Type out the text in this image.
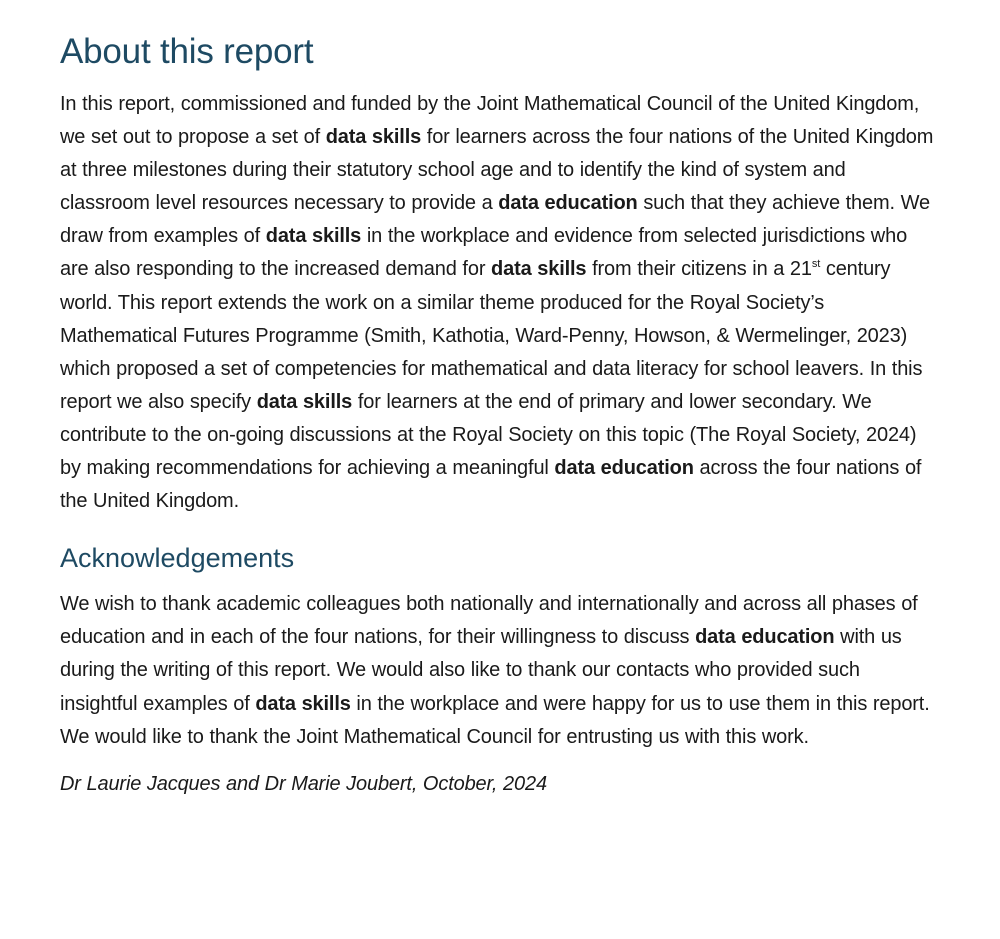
About this report

In this report, commissioned and funded by the Joint Mathematical Council of the United Kingdom, we set out to propose a set of data skills for learners across the four nations of the United Kingdom at three milestones during their statutory school age and to identify the kind of system and classroom level resources necessary to provide a data education such that they achieve them. We draw from examples of data skills in the workplace and evidence from selected jurisdictions who are also responding to the increased demand for data skills from their citizens in a 21st century world. This report extends the work on a similar theme produced for the Royal Society’s Mathematical Futures Programme (Smith, Kathotia, Ward-Penny, Howson, & Wermelinger, 2023) which proposed a set of competencies for mathematical and data literacy for school leavers. In this report we also specify data skills for learners at the end of primary and lower secondary. We contribute to the on-going discussions at the Royal Society on this topic (The Royal Society, 2024) by making recommendations for achieving a meaningful data education across the four nations of the United Kingdom.

Acknowledgements

We wish to thank academic colleagues both nationally and internationally and across all phases of education and in each of the four nations, for their willingness to discuss data education with us during the writing of this report. We would also like to thank our contacts who provided such insightful examples of data skills in the workplace and were happy for us to use them in this report. We would like to thank the Joint Mathematical Council for entrusting us with this work.

Dr Laurie Jacques and Dr Marie Joubert, October, 2024
